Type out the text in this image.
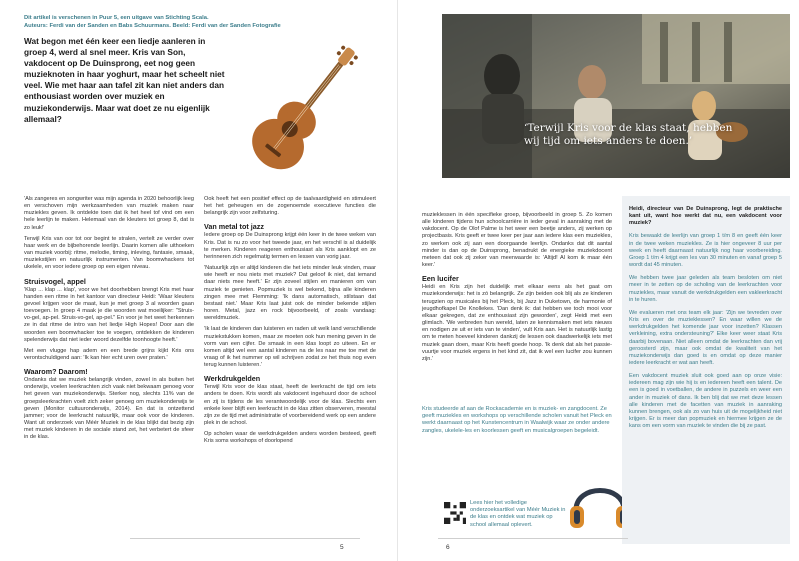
Dit artikel is verschenen in Puur 5, een uitgave van Stichting Scala.
Auteurs: Ferdi van der Sanden en Babs Schuurmans. Beeld: Ferdi van der Sanden Fotografie
Wat begon met één keer een liedje aanleren in groep 4, werd al snel meer. Kris van Son, vakdocent op De Duinsprong, eet nog geen muzieknoten in haar yoghurt, maar het scheelt niet veel. Wie met haar aan tafel zit kan niet anders dan enthousiast worden over muziek en muziekonderwijs. Maar wat doet ze nu eigenlijk allemaal?

'Als zangeres en songwriter was mijn agenda in 2020 behoorlijk leeg en verschoven mijn werkzaamheden van muziek maken naar muziekles geven. Ik ontdekte toen dat ik het heel tof vind om een hele leerlijn te maken. Helemaal van de kleuters tot groep 8, dat is zo leuk!'

Terwijl Kris van oor tot oor begint te stralen, vertelt ze verder over haar werk en de bijbehorende leerlijn. Daarin komen alle uithoeken van muziek voorbij: ritme, melodie, timing, inleving, fantasie, smaak, muziekstijlen en natuurlijk instrumenten. Van boomwhackers tot ukelele, en voor iedere groep op een eigen niveau.

Struisvogel, appel

'Klap ... klap ... klap', voor we het doorhebben brengt Kris met haar handen een ritme in het kantoor van directeur Heidi: 'Waar kleuters gevoel krijgen voor de maat, kun je met groep 3 al woorden gaan toevoegen. In groep 4 maak je die woorden wat moeilijker: "Struis-vo-gel, ap-pel. Struis-vo-gel, ap-pel." En voor je het weet herkennen ze in dat ritme de intro van het liedje High Hopes! Door aan die woorden een boomwhacker toe te voegen, ontdekken de kinderen spelenderwijs dat niet ieder woord dezelfde toonhoogte heeft.'

Met een vlugge hap adem en een brede grijns kijkt Kris ons verontschuldigend aan: 'Ik kan hier echt uren over praten.'

Waarom? Daarom!

Ondanks dat we muziek belangrijk vinden, zowel in als buiten het onderwijs, voelen leerkrachten zich vaak niet bekwaam genoeg voor het geven van muziekonderwijs. Sterker nog, slechts 11% van de groepsleerkrachten voelt zich zeker genoeg om muziekonderwijs te geven (Monitor cultuuronderwijs, 2014). En dat is ontzettend jammer; voor de leerkracht natuurlijk, maar ook voor de kinderen. Want uit onderzoek van Méér Muziek in de klas blijkt dat bezig zijn met muziek kinderen in de sociale stand zet, het verbetert de sfeer in de klas.

Ook heeft het een positief effect op de taalvaardigheid en stimuleert het het geheugen en de zogenoemde executieve functies die belangrijk zijn voor zelfsturing.

Van metal tot jazz

Iedere groep op De Duinsprong krijgt één keer in de twee weken van Kris. Dat is nu zo voor het tweede jaar, en het verschil is al duidelijk te merken. Kinderen reageren enthousiast als Kris aanklopt en ze herinneren zich regelmatig termen en lessen van vorig jaar.

'Natuurlijk zijn er altijd kinderen die het iets minder leuk vinden, maar wie heeft er nou niets met muziek? Dat geloof ik niet, dat iemand daar niets mee heeft.' Er zijn zoveel stijlen en manieren om van muziek te genieten. Popmuziek is wel bekend, bijna alle kinderen zingen mee met Flemming: 'Ik dans automatisch, stilstaan dat bestaat niet.' Maar Kris laat juist ook de minder bekende stijlen horen. Metal, jazz en rock bijvoorbeeld, of zoals vandaag: wereldmuziek.

'Ik laat de kinderen dan luisteren en raden uit welk land verschillende muziekstukken komen, maar ze moeten ook hun mening geven in de vorm van een cijfer. De smaak in een klas loopt zo uiteen. En er komen altijd wel een aantal kinderen na de les naar me toe met de vraag of ik het nummer op wil schrijven zodat ze het thuis nog even terug kunnen luisteren.'

Werkdrukgelden

Terwijl Kris voor de klas staat, heeft de leerkracht de tijd om iets anders te doen. Kris wordt als vakdocent ingehuurd door de school en zij is tijdens de les verantwoordelijk voor de klas. Slechts een enkele keer blijft een leerkracht in de klas zitten observeren, meestal zijn ze de tijd met administratie of voorbereidend werk op een andere plek in de school.

Op scholen waar de werkdrukgelden anders worden besteed, geeft Kris soms workshops of doorlopend

5
‘Terwijl Kris voor de klas staat, hebben wij tijd om iets anders te doen.’

muzieklessen in één specifieke groep, bijvoorbeeld in groep 5. Zo komen alle kinderen tijdens hun schoolcarrière in ieder geval in aanraking met de vakdocent. Op de Olof Palme is het weer een beetje anders, zij werken op projectbasis. Kris geeft er twee keer per jaar aan iedere klas een muziekles, zo werken ook zij aan een doorgaande leerlijn. Ondanks dat dit aantal minder is dan op de Duinsprong, benadrukt de energieke muziekdocent meteen dat ook zij zeker van meerwaarde is: 'Altijd! Al kom ik maar één keer.'

Een lucifer

Heidi en Kris zijn het duidelijk met elkaar eens als het gaat om muziekonderwijs: het is zó belangrijk. Ze zijn beiden ook blij als ze kinderen terugzien op musicales bij het Pleck, bij Jazz in Duketown, de harmonie of jeugdhofkapel De Knollekes. 'Dan denk ik: dat hebben we toch mooi voor elkaar gekregen, dat ze enthousiast zijn geworden', zegt Heidi met een glimlach. 'We verbreden hun wereld, laten ze kennismaken met iets nieuws en nodigen ze uit er iets van te vinden', vult Kris aan. Het is natuurlijk lastig om te meten hoeveel kinderen dankzij de lessen ook daadwerkelijk iets met muziek gaan doen, maar Kris heeft goede hoop. 'Ik denk dat als het passie-vuurtje voor muziek ergens in het kind zit, dat ik wel een lucifer zou kunnen zijn.'

Kris studeerde af aan de Rockacademie en is muziek- en zangdocent. Ze geeft muziekles en workshops op verschillende scholen vanuit het Pleck en werkt daarnaast op het Kunstencentrum in Waalwijk waar ze onder andere zangles, ukelele-les en koorlessen geeft en musicalgroepen begeleidt.
Lees hier het volledige onderzoeksartikel van Méér Muziek in de klas en ontdek wat muziek op school allemaal oplevert.

Heidi, directeur van De Duinsprong, legt de praktische kant uit, want hoe werkt dat nu, een vakdocent voor muziek?

Kris bewaakt de leerlijn van groep 1 t/m 8 en geeft één keer in de twee weken muziekles. Ze is hier ongeveer 8 uur per week en heeft daarnaast natuurlijk nog haar voorbereiding. Groep 1 t/m 4 krijgt een les van 30 minuten en vanaf groep 5 wordt dat 45 minuten.

We hebben twee jaar geleden als team besloten om niet meer in te zetten op de scholing van de leerkrachten voor muziekles, maar vanuit de werkdrukgelden een vakleerkracht in te huren.

We evalueren met ons team elk jaar: 'Zijn we tevreden over Kris en over de muzieklessen? En waar willen we de werkdrukgelden het komende jaar voor inzetten? Klassen verkleining, extra ondersteuning?' Elke keer weer staat Kris daarbij bovenaan. Niet alleen omdat de leerkrachten dan vrij geroosterd zijn, maar ook omdat de kwaliteit van het muziekonderwijs dan goed is en omdat op deze manier iedere leerkracht er wat aan heeft.

Een vakdocent muziek sluit ook goed aan op onze visie: iedereen mag zijn wie hij is en iedereen heeft een talent. De een is goed in voetballen, de andere in puzzels en weer een ander in muziek of dans. Ik ben blij dat we met deze lessen alle kinderen met de facetten van muziek in aanraking kunnen brengen, ook als zo van huis uit de mogelijkheid niet krijgen. Er is meer dan popmuziek en hiermee krijgen ze de kans om een vorm van muziek te vinden die bij ze past.

6
